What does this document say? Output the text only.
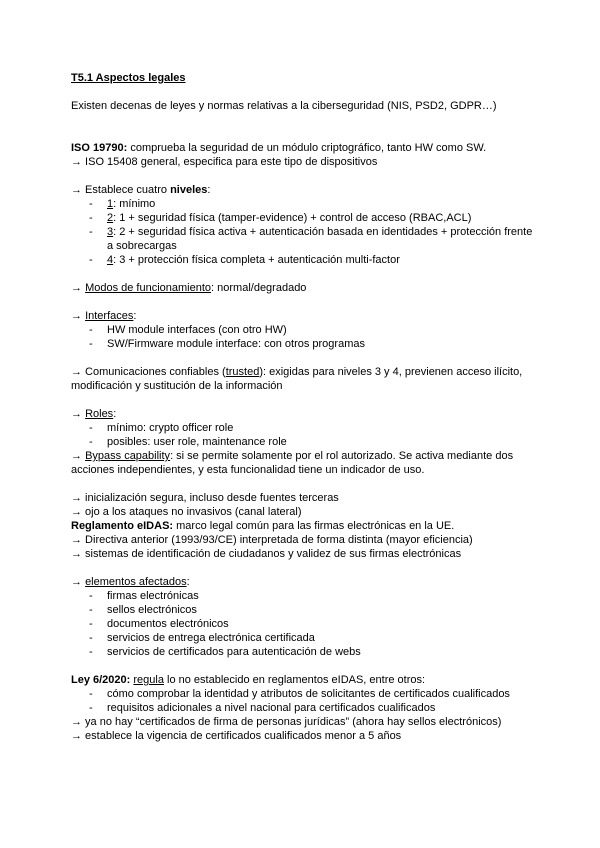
T5.1 Aspectos legales

Existen decenas de leyes y normas relativas a la ciberseguridad (NIS, PSD2, GDPR…)

ISO 19790: comprueba la seguridad de un módulo criptográfico, tanto HW como SW.

→ ISO 15408 general, especifica para este tipo de dispositivos

→ Establece cuatro niveles:

- 1: mínimo
- 2: 1 + seguridad física (tamper-evidence) + control de acceso (RBAC,ACL)
- 3: 2 + seguridad física activa + autenticación basada en identidades + protección frente a sobrecargas
- 4: 3 + protección física completa + autenticación multi-factor

→ Modos de funcionamiento: normal/degradado

→ Interfaces:

- HW module interfaces (con otro HW)
- SW/Firmware module interface: con otros programas

→ Comunicaciones confiables (trusted): exigidas para niveles 3 y 4, previenen acceso ilícito, modificación y sustitución de la información

→ Roles:

- mínimo: crypto officer role
- posibles: user role, maintenance role

→ Bypass capability: si se permite solamente por el rol autorizado. Se activa mediante dos acciones independientes, y esta funcionalidad tiene un indicador de uso.

→ inicialización segura, incluso desde fuentes terceras

→ ojo a los ataques no invasivos (canal lateral)

Reglamento eIDAS: marco legal común para las firmas electrónicas en la UE.

→ Directiva anterior (1993/93/CE) interpretada de forma distinta (mayor eficiencia)

→ sistemas de identificación de ciudadanos y validez de sus firmas electrónicas

→ elementos afectados:

- firmas electrónicas
- sellos electrónicos
- documentos electrónicos
- servicios de entrega electrónica certificada
- servicios de certificados para autenticación de webs

Ley 6/2020: regula lo no establecido en reglamentos eIDAS, entre otros:

- cómo comprobar la identidad y atributos de solicitantes de certificados cualificados
- requisitos adicionales a nivel nacional para certificados cualificados

→ ya no hay “certificados de firma de personas jurídicas” (ahora hay sellos electrónicos)

→ establece la vigencia de certificados cualificados menor a 5 años
